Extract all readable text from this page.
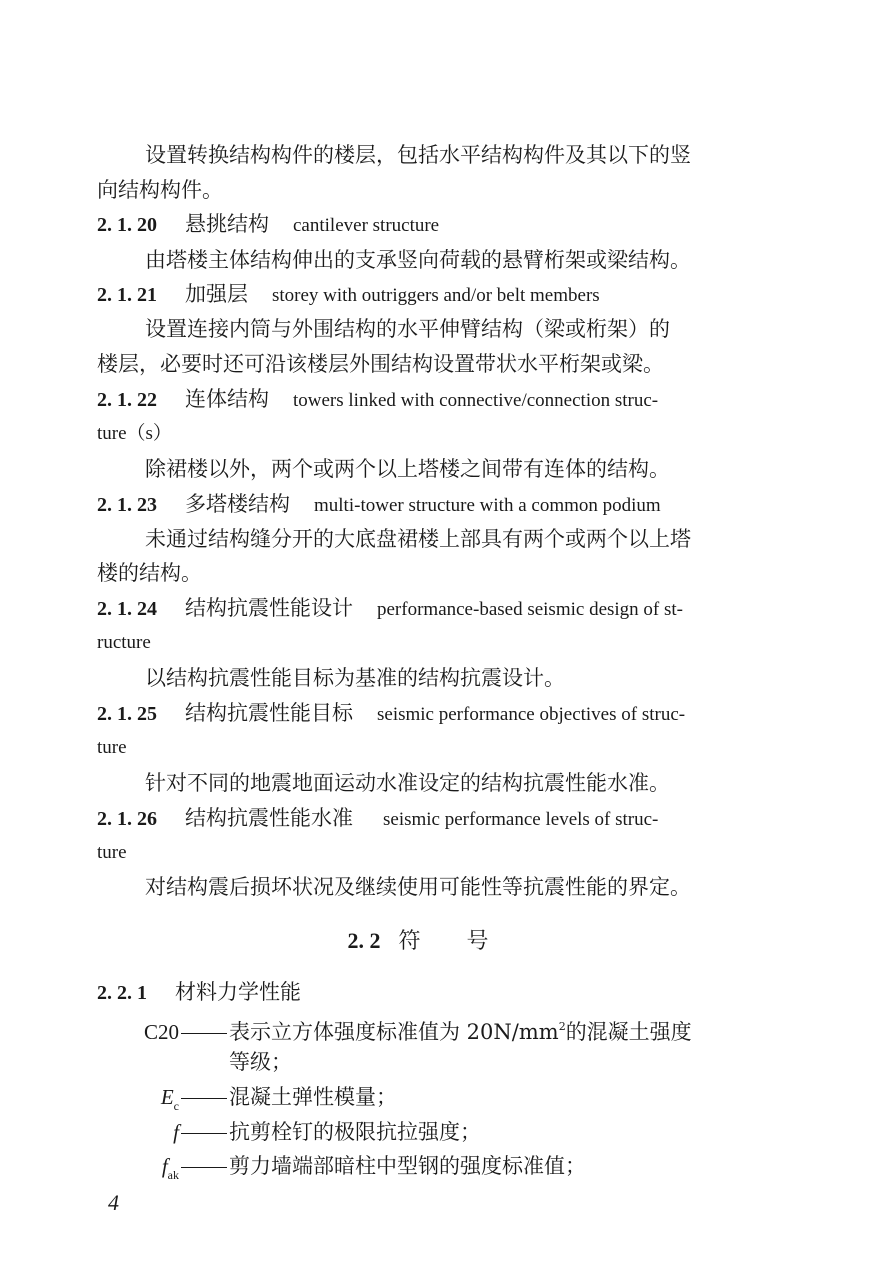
设置转换结构构件的楼层，包括水平结构构件及其以下的竖
向结构构件。
2. 1. 20 悬挑结构 cantilever structure
由塔楼主体结构伸出的支承竖向荷载的悬臂桁架或梁结构。
2. 1. 21 加强层 storey with outriggers and/or belt members
设置连接内筒与外围结构的水平伸臂结构（梁或桁架）的
楼层，必要时还可沿该楼层外围结构设置带状水平桁架或梁。
2. 1. 22 连体结构 towers linked with connective/connection struc-
ture（s）
除裙楼以外，两个或两个以上塔楼之间带有连体的结构。
2. 1. 23 多塔楼结构 multi-tower structure with a common podium
未通过结构缝分开的大底盘裙楼上部具有两个或两个以上塔
楼的结构。
2. 1. 24 结构抗震性能设计 performance-based seismic design of st-
ructure
以结构抗震性能目标为基准的结构抗震设计。
2. 1. 25 结构抗震性能目标 seismic performance objectives of struc-
ture
针对不同的地震地面运动水准设定的结构抗震性能水准。
2. 1. 26 结构抗震性能水准 seismic performance levels of struc-
ture
对结构震后损坏状况及继续使用可能性等抗震性能的界定。
2. 2 符号
2. 2. 1 材料力学性能
C20 表示立方体强度标准值为 $20N/mm^2$的混凝土强度
等级；
$E_c$ 混凝土弹性模量；
f 抗剪栓钉的极限抗拉强度；
$f_{ak}$ 剪力墙端部暗柱中型钢的强度标准值；
4
